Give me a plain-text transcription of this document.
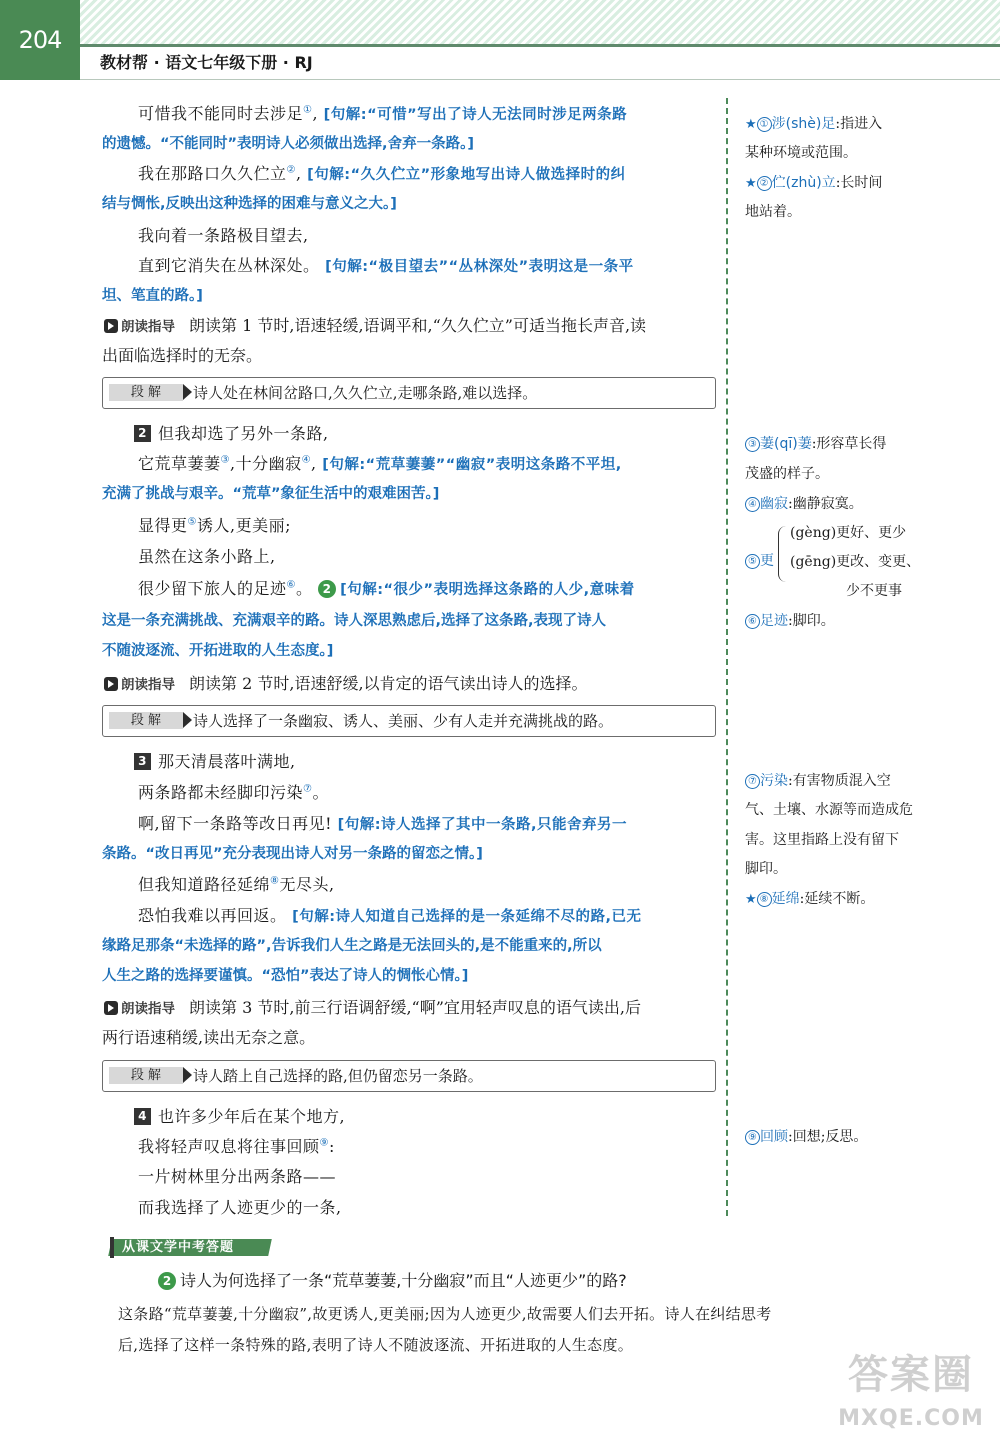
204
教材帮 · 语文七年级下册 · RJ
可惜我不能同时去涉足①, [句解:“可惜”写出了诗人无法同时涉足两条路
的遗憾。“不能同时”表明诗人必须做出选择,舍弃一条路。]
我在那路口久久伫立②, [句解:“久久伫立”形象地写出诗人做选择时的纠
结与惆怅,反映出这种选择的困难与意义之大。]
我向着一条路极目望去,
直到它消失在丛林深处。 [句解:“极目望去”“丛林深处”表明这是一条平
坦、笔直的路。]
朗读指导 朗读第 1 节时,语速轻缓,语调平和,“久久伫立”可适当拖长声音,读
出面临选择时的无奈。
段 解	诗人处在林间岔路口,久久伫立,走哪条路,难以选择。
2 但我却选了另外一条路,
它荒草萋萋③,十分幽寂④, [句解:“荒草萋萋”“幽寂”表明这条路不平坦,
充满了挑战与艰辛。“荒草”象征生活中的艰难困苦。]
显得更⑤诱人,更美丽;
虽然在这条小路上,
很少留下旅人的足迹⑥。 2 [句解:“很少”表明选择这条路的人少,意味着
这是一条充满挑战、充满艰辛的路。诗人深思熟虑后,选择了这条路,表现了诗人
不随波逐流、开拓进取的人生态度。]
朗读指导 朗读第 2 节时,语速舒缓,以肯定的语气读出诗人的选择。
段 解	诗人选择了一条幽寂、诱人、美丽、少有人走并充满挑战的路。
3 那天清晨落叶满地,
两条路都未经脚印污染⑦。
啊,留下一条路等改日再见! [句解:诗人选择了其中一条路,只能舍弃另一
条路。“改日再见”充分表现出诗人对另一条路的留恋之情。]
但我知道路径延绵⑧无尽头,
恐怕我难以再回返。 [句解:诗人知道自己选择的是一条延绵不尽的路,已无
缘路足那条“未选择的路”,告诉我们人生之路是无法回头的,是不能重来的,所以
人生之路的选择要谨慎。“恐怕”表达了诗人的惆怅心情。]
朗读指导 朗读第 3 节时,前三行语调舒缓,“啊”宜用轻声叹息的语气读出,后
两行语速稍缓,读出无奈之意。
段 解	诗人踏上自己选择的路,但仍留恋另一条路。
4 也许多少年后在某个地方,
我将轻声叹息将往事回顾⑨:
一片树林里分出两条路——
而我选择了人迹更少的一条,
★ ① 涉(shè)足:指进入
某种环境或范围。
★ ② 伫(zhù)立:长时间
地站着。
③ 萋(qī)萋:形容草长得
茂盛的样子。
④ 幽寂:幽静寂寞。
⑤ 更
(gèng)更好、更少
(gēng)更改、变更、
少不更事
⑥ 足迹:脚印。
⑦ 污染:有害物质混入空
气、土壤、水源等而造成危
害。这里指路上没有留下
脚印。
★ ⑧ 延绵:延续不断。
⑨ 回顾:回想;反思。
从课文学中考答题
2 诗人为何选择了一条“荒草萋萋,十分幽寂”而且“人迹更少”的路?
这条路“荒草萋萋,十分幽寂”,故更诱人,更美丽;因为人迹更少,故需要人们去开拓。诗人在纠结思考
后,选择了这样一条特殊的路,表明了诗人不随波逐流、开拓进取的人生态度。
答案圈
MXQE.COM
